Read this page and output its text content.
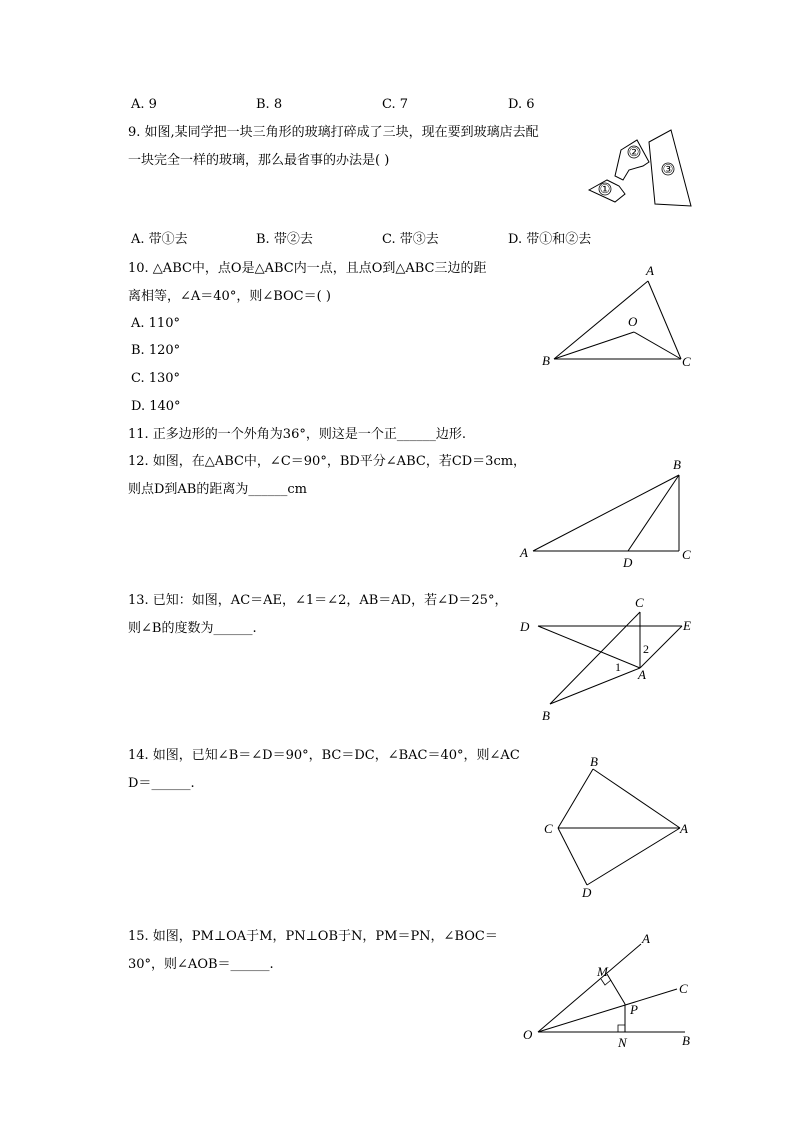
A. 9	B. 8	C. 7	D. 6
9. 如图,某同学把一块三角形的玻璃打碎成了三块，现在要到玻璃店去配
一块完全一样的玻璃，那么最省事的办法是( )
①
②
③
A. 带①去	B. 带②去	C. 带③去	D. 带①和②去
10. △ABC中，点O是△ABC内一点，且点O到△ABC三边的距
离相等，∠A＝40°，则∠BOC＝( )
A. 110°
B. 120°
C. 130°
D. 140°
A
O
B	C
11. 正多边形的一个外角为36°，则这是一个正______边形.
12. 如图，在△ABC中，∠C＝90°，BD平分∠ABC，若CD＝3cm，
则点D到AB的距离为______cm
B
A
D
C
13. 已知：如图，AC＝AE，∠1＝∠2，AB＝AD，若∠D＝25°，
则∠B的度数为______.
C
D	E
2
1 A
B
14. 如图，已知∠B＝∠D＝90°，BC＝DC，∠BAC＝40°，则∠AC
D＝______.
B
C	A
D
15. 如图，PM⊥OA于M，PN⊥OB于N，PM＝PN，∠BOC＝
30°，则∠AOB＝______.
A
M
C
P
O
N	B
